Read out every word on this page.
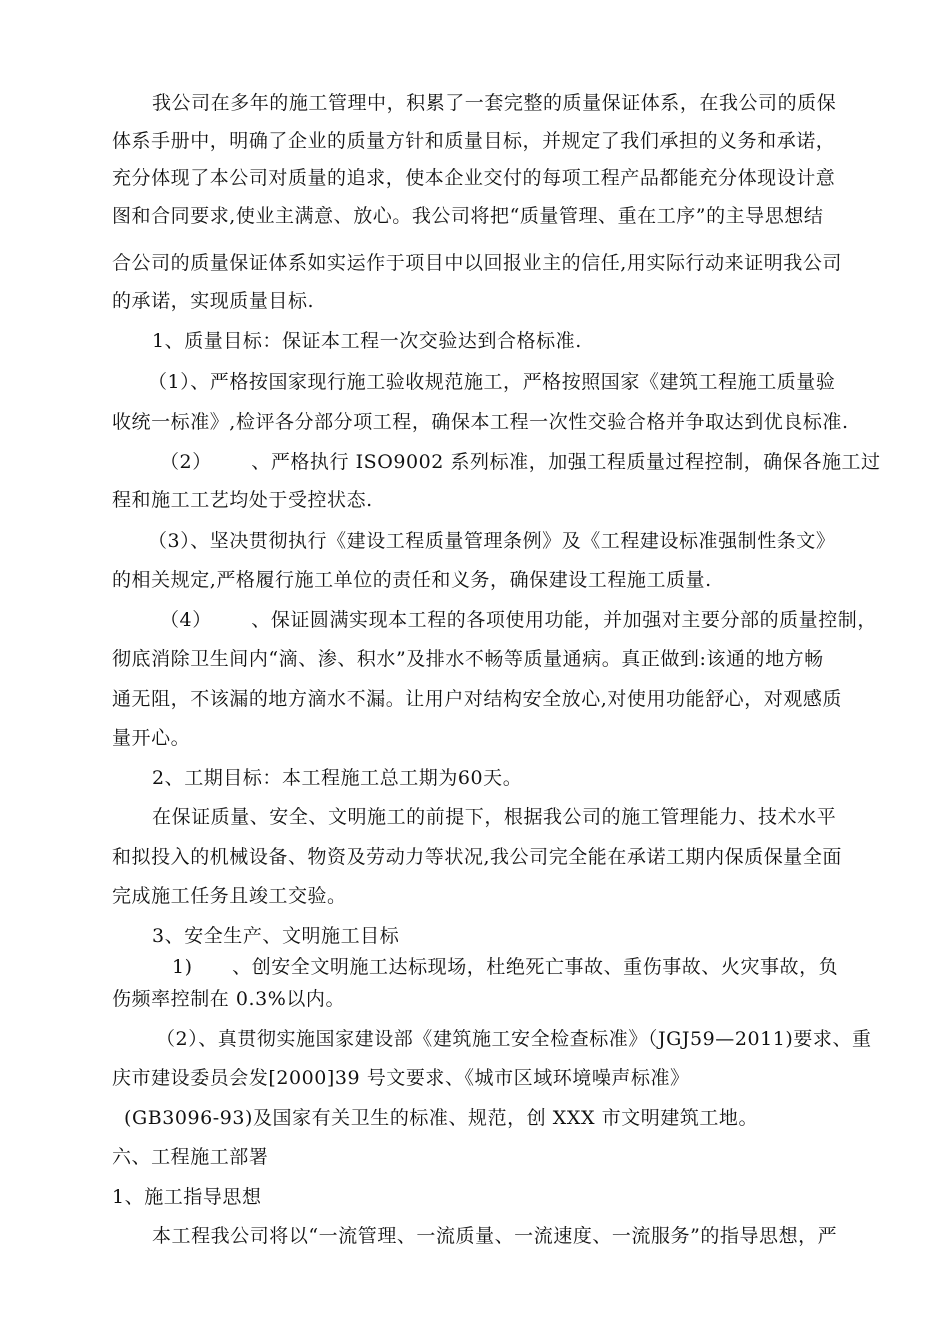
我公司在多年的施工管理中，积累了一套完整的质量保证体系，在我公司的质保

体系手册中，明确了企业的质量方针和质量目标，并规定了我们承担的义务和承诺，

充分体现了本公司对质量的追求，使本企业交付的每项工程产品都能充分体现设计意

图和合同要求,使业主满意、放心。我公司将把“质量管理、重在工序”的主导思想结

合公司的质量保证体系如实运作于项目中以回报业主的信任,用实际行动来证明我公司

的承诺，实现质量目标.

1、质量目标：保证本工程一次交验达到合格标准.

（1）、严格按国家现行施工验收规范施工，严格按照国家《建筑工程施工质量验

收统一标准》,检评各分部分项工程，确保本工程一次性交验合格并争取达到优良标准.

（2）      、严格执行 ISO9002 系列标准，加强工程质量过程控制，确保各施工过

程和施工工艺均处于受控状态.

（3）、坚决贯彻执行《建设工程质量管理条例》及《工程建设标准强制性条文》

的相关规定,严格履行施工单位的责任和义务，确保建设工程施工质量.

（4）      、保证圆满实现本工程的各项使用功能，并加强对主要分部的质量控制，

彻底消除卫生间内“滴、渗、积水”及排水不畅等质量通病。真正做到:该通的地方畅

通无阻，不该漏的地方滴水不漏。让用户对结构安全放心,对使用功能舒心，对观感质

量开心。

2、工期目标：本工程施工总工期为60天。

在保证质量、安全、文明施工的前提下，根据我公司的施工管理能力、技术水平

和拟投入的机械设备、物资及劳动力等状况,我公司完全能在承诺工期内保质保量全面

完成施工任务且竣工交验。

3、安全生产、文明施工目标

1)      、创安全文明施工达标现场，杜绝死亡事故、重伤事故、火灾事故，负

伤频率控制在 0.3%以内。

（2）、真贯彻实施国家建设部《建筑施工安全检查标准》（JGJ59—2011)要求、重

庆市建设委员会发[2000]39 号文要求、《城市区域环境噪声标准》

(GB3096-93)及国家有关卫生的标准、规范，创 XXX 市文明建筑工地。

六、工程施工部署

1、施工指导思想

本工程我公司将以“一流管理、一流质量、一流速度、一流服务”的指导思想，严
